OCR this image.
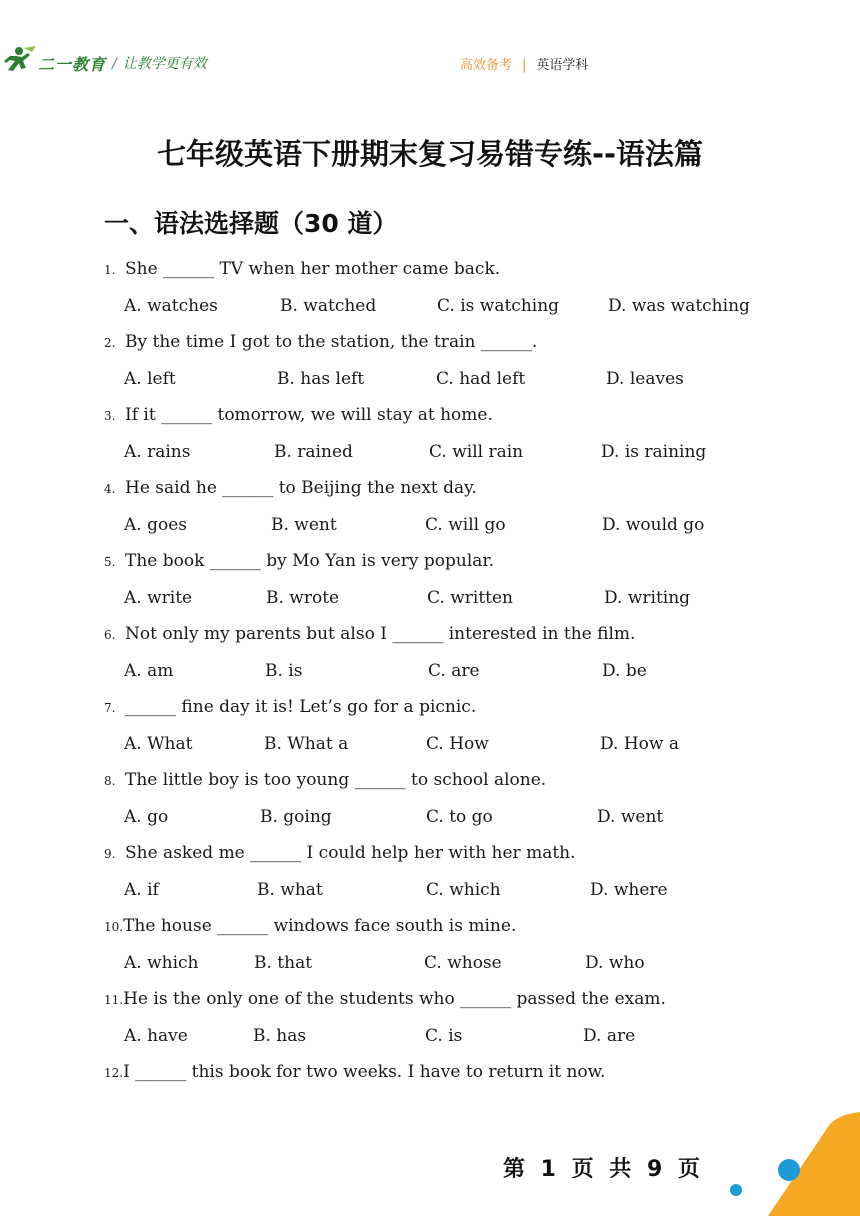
二一教育 / 让教学更有效	高效备考 | 英语学科
七年级英语下册期末复习易错专练--语法篇
一、语法选择题（30 道）
1. She ______ TV when her mother came back.
A. watches	B. watched	C. is watching	D. was watching
2. By the time I got to the station, the train ______.
A. left	B. has left	C. had left	D. leaves
3. If it ______ tomorrow, we will stay at home.
A. rains	B. rained	C. will rain	D. is raining
4. He said he ______ to Beijing the next day.
A. goes	B. went	C. will go	D. would go
5. The book ______ by Mo Yan is very popular.
A. write	B. wrote	C. written	D. writing
6. Not only my parents but also I ______ interested in the film.
A. am	B. is	C. are	D. be
7. ______ fine day it is! Let’s go for a picnic.
A. What	B. What a	C. How	D. How a
8. The little boy is too young ______ to school alone.
A. go	B. going	C. to go	D. went
9. She asked me ______ I could help her with her math.
A. if	B. what	C. which	D. where
10.The house ______ windows face south is mine.
A. which	B. that	C. whose	D. who
11.He is the only one of the students who ______ passed the exam.
A. have	B. has	C. is	D. are
12.I ______ this book for two weeks. I have to return it now.
第 1 页 共 9 页
